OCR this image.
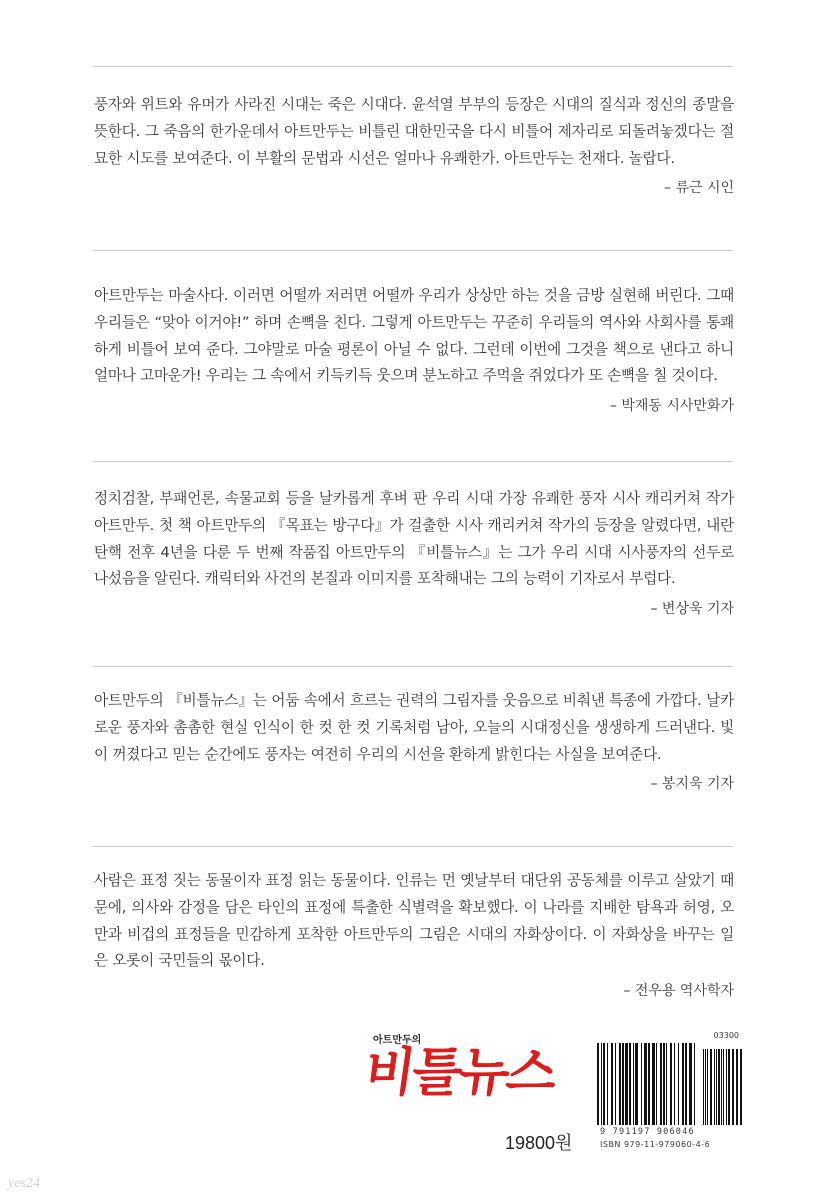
풍자와 위트와 유머가 사라진 시대는 죽은 시대다. 윤석열 부부의 등장은 시대의 질식과 정신의 종말을 뜻한다. 그 죽음의 한가운데서 아트만두는 비틀린 대한민국을 다시 비틀어 제자리로 되돌려놓겠다는 절묘한 시도를 보여준다. 이 부활의 문법과 시선은 얼마나 유쾌한가. 아트만두는 천재다. 놀랍다.

– 류근 시인

아트만두는 마술사다. 이러면 어떨까 저러면 어떨까 우리가 상상만 하는 것을 금방 실현해 버린다. 그때 우리들은 “맞아 이거야!” 하며 손뼉을 친다. 그렇게 아트만두는 꾸준히 우리들의 역사와 사회사를 통쾌하게 비틀어 보여 준다. 그야말로 마술 평론이 아닐 수 없다. 그런데 이번에 그것을 책으로 낸다고 하니 얼마나 고마운가! 우리는 그 속에서 키득키득 웃으며 분노하고 주먹을 쥐었다가 또 손뼉을 칠 것이다.

– 박재동 시사만화가

정치검찰, 부패언론, 속물교회 등을 날카롭게 후벼 판 우리 시대 가장 유쾌한 풍자 시사 캐리커쳐 작가 아트만두. 첫 책 아트만두의 『목표는 방구다』가 걸출한 시사 캐리커쳐 작가의 등장을 알렸다면, 내란탄핵 전후 4년을 다룬 두 번째 작품집 아트만두의 『비틀뉴스』는 그가 우리 시대 시사풍자의 선두로 나섰음을 알린다. 캐릭터와 사건의 본질과 이미지를 포착해내는 그의 능력이 기자로서 부럽다.

– 변상욱 기자

아트만두의 『비틀뉴스』는 어둠 속에서 흐르는 권력의 그림자를 웃음으로 비춰낸 특종에 가깝다. 날카로운 풍자와 촘촘한 현실 인식이 한 컷 한 컷 기록처럼 남아, 오늘의 시대정신을 생생하게 드러낸다. 빛이 꺼졌다고 믿는 순간에도 풍자는 여전히 우리의 시선을 환하게 밝힌다는 사실을 보여준다.

– 봉지욱 기자

사람은 표정 짓는 동물이자 표정 읽는 동물이다. 인류는 먼 옛날부터 대단위 공동체를 이루고 살았기 때문에, 의사와 감정을 담은 타인의 표정에 특출한 식별력을 확보했다. 이 나라를 지배한 탐욕과 허영, 오만과 비겁의 표정들을 민감하게 포착한 아트만두의 그림은 시대의 자화상이다. 이 자화상을 바꾸는 일은 오롯이 국민들의 몫이다.

– 전우용 역사학자
아트만두의
비틀뉴스
19800원
03300
9 791197 906046
ISBN 979-11-979060-4-6
yes24
